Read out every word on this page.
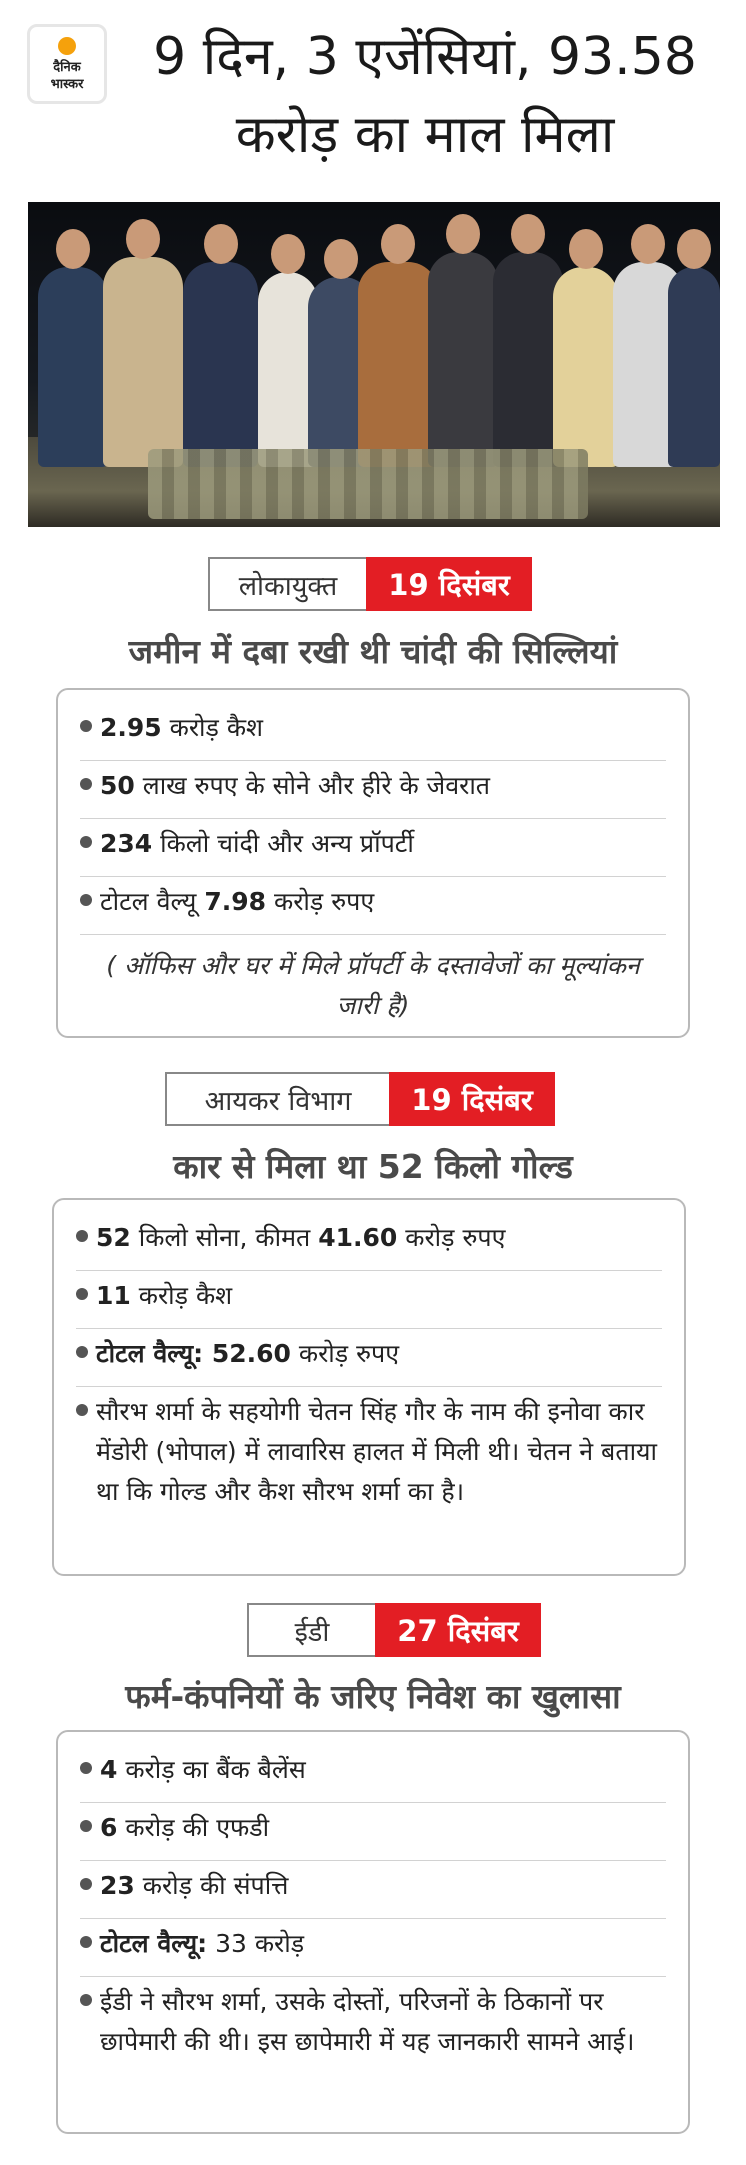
दैनिक
भास्कर	9 दिन, 3 एजेंसियां, 93.58
करोड़ का माल मिला
लोकायुक्त	19 दिसंबर
जमीन में दबा रखी थी चांदी की सिल्लियां
2.95 करोड़ कैश
50 लाख रुपए के सोने और हीरे के जेवरात
234 किलो चांदी और अन्य प्रॉपर्टी
टोटल वैल्यू 7.98 करोड़ रुपए
( ऑफिस और घर में मिले प्रॉपर्टी के दस्तावेजों का मूल्यांकन जारी है)
आयकर विभाग	19 दिसंबर
कार से मिला था 52 किलो गोल्ड
52 किलो सोना, कीमत 41.60 करोड़ रुपए
11 करोड़ कैश
टोटल वैल्यू: 52.60 करोड़ रुपए
सौरभ शर्मा के सहयोगी चेतन सिंह गौर के नाम की इनोवा कार मेंडोरी (भोपाल) में लावारिस हालत में मिली थी। चेतन ने बताया था कि गोल्ड और कैश सौरभ शर्मा का है।
ईडी	27 दिसंबर
फर्म-कंपनियों के जरिए निवेश का खुलासा
4 करोड़ का बैंक बैलेंस
6 करोड़ की एफडी
23 करोड़ की संपत्ति
टोटल वैल्यू: 33 करोड़
ईडी ने सौरभ शर्मा, उसके दोस्तों, परिजनों के ठिकानों पर छापेमारी की थी। इस छापेमारी में यह जानकारी सामने आई।
